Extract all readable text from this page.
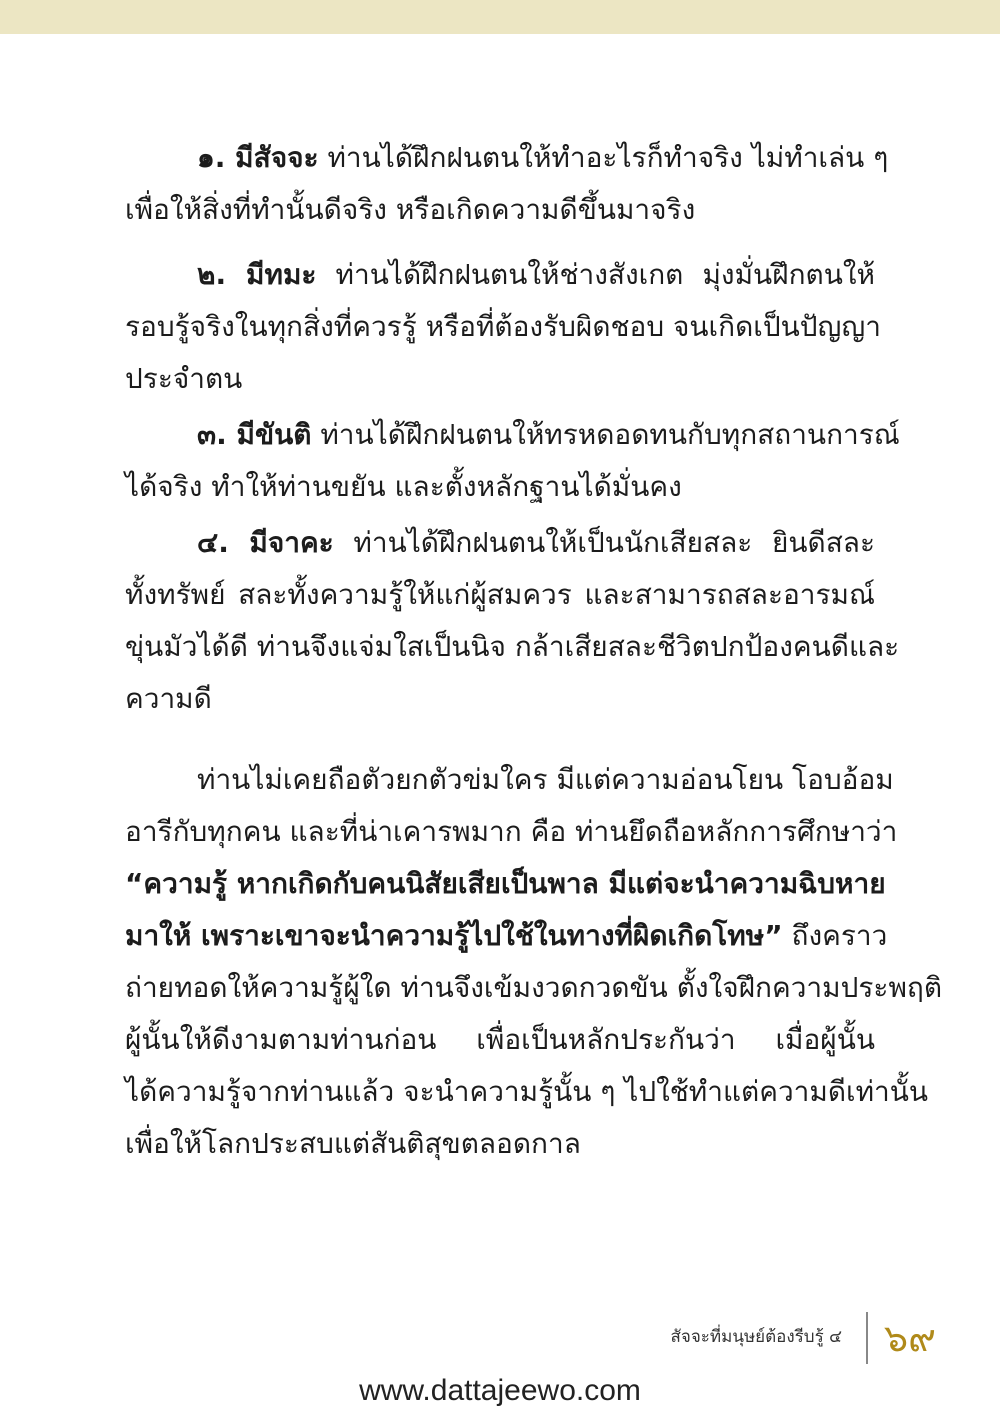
๑. มีสัจจะ ท่านได้ฝึกฝนตนให้ทำอะไรก็ทำจริง ไม่ทำเล่น ๆ
เพื่อให้สิ่งที่ทำนั้นดีจริง หรือเกิดความดีขึ้นมาจริง
๒. มีทมะ ท่านได้ฝึกฝนตนให้ช่างสังเกต มุ่งมั่นฝึกตนให้
รอบรู้จริงในทุกสิ่งที่ควรรู้ หรือที่ต้องรับผิดชอบ จนเกิดเป็นปัญญา
ประจำตน
๓. มีขันติ ท่านได้ฝึกฝนตนให้ทรหดอดทนกับทุกสถานการณ์
ได้จริง ทำให้ท่านขยัน และตั้งหลักฐานได้มั่นคง
๔. มีจาคะ ท่านได้ฝึกฝนตนให้เป็นนักเสียสละ ยินดีสละ
ทั้งทรัพย์ สละทั้งความรู้ให้แก่ผู้สมควร และสามารถสละอารมณ์
ขุ่นมัวได้ดี ท่านจึงแจ่มใสเป็นนิจ กล้าเสียสละชีวิตปกป้องคนดีและ
ความดี
ท่านไม่เคยถือตัวยกตัวข่มใคร มีแต่ความอ่อนโยน โอบอ้อม
อารีกับทุกคน และที่น่าเคารพมาก คือ ท่านยึดถือหลักการศึกษาว่า
“ความรู้ หากเกิดกับคนนิสัยเสียเป็นพาล มีแต่จะนำความฉิบหาย
มาให้ เพราะเขาจะนำความรู้ไปใช้ในทางที่ผิดเกิดโทษ” ถึงคราว
ถ่ายทอดให้ความรู้ผู้ใด ท่านจึงเข้มงวดกวดขัน ตั้งใจฝึกความประพฤติ
ผู้นั้นให้ดีงามตามท่านก่อน เพื่อเป็นหลักประกันว่า เมื่อผู้นั้น
ได้ความรู้จากท่านแล้ว จะนำความรู้นั้น ๆ ไปใช้ทำแต่ความดีเท่านั้น
เพื่อให้โลกประสบแต่สันติสุขตลอดกาล
สัจจะที่มนุษย์ต้องรีบรู้ ๔ ๖๙
www.dattajeewo.com
